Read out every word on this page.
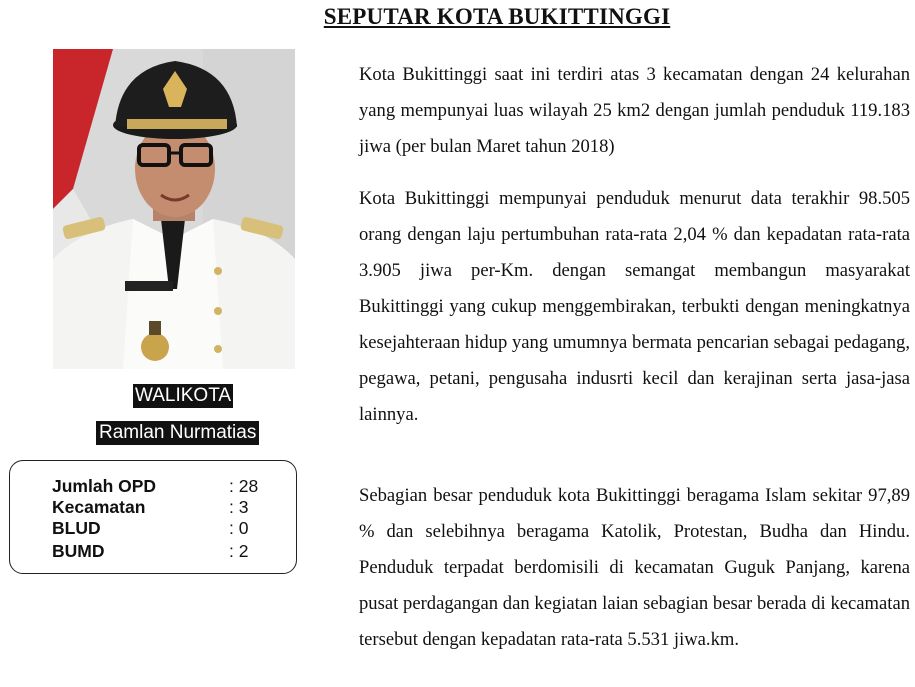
SEPUTAR KOTA BUKITTINGGI
WALIKOTA
Ramlan Nurmatias
Jumlah OPD	: 28
Kecamatan	: 3
BLUD	: 0
BUMD	: 2

Kota Bukittinggi saat ini terdiri atas 3 kecamatan dengan 24 kelurahan yang mempunyai luas wilayah 25 km2 dengan jumlah penduduk 119.183 jiwa (per bulan Maret tahun 2018)

Kota Bukittinggi mempunyai penduduk menurut data terakhir 98.505 orang dengan laju pertumbuhan rata-rata 2,04 % dan kepadatan rata-rata 3.905 jiwa per-Km. dengan semangat membangun masyarakat Bukittinggi yang cukup menggembirakan, terbukti dengan meningkatnya kesejahteraan hidup yang umumnya bermata pencarian sebagai pedagang, pegawa, petani, pengusaha indusrti kecil dan kerajinan serta jasa-jasa lainnya.

Sebagian besar penduduk kota Bukittinggi beragama Islam sekitar 97,89 % dan selebihnya beragama Katolik, Protestan, Budha dan Hindu. Penduduk terpadat berdomisili di kecamatan Guguk Panjang, karena pusat perdagangan dan kegiatan laian sebagian besar berada di kecamatan tersebut dengan kepadatan rata-rata 5.531 jiwa.km.
